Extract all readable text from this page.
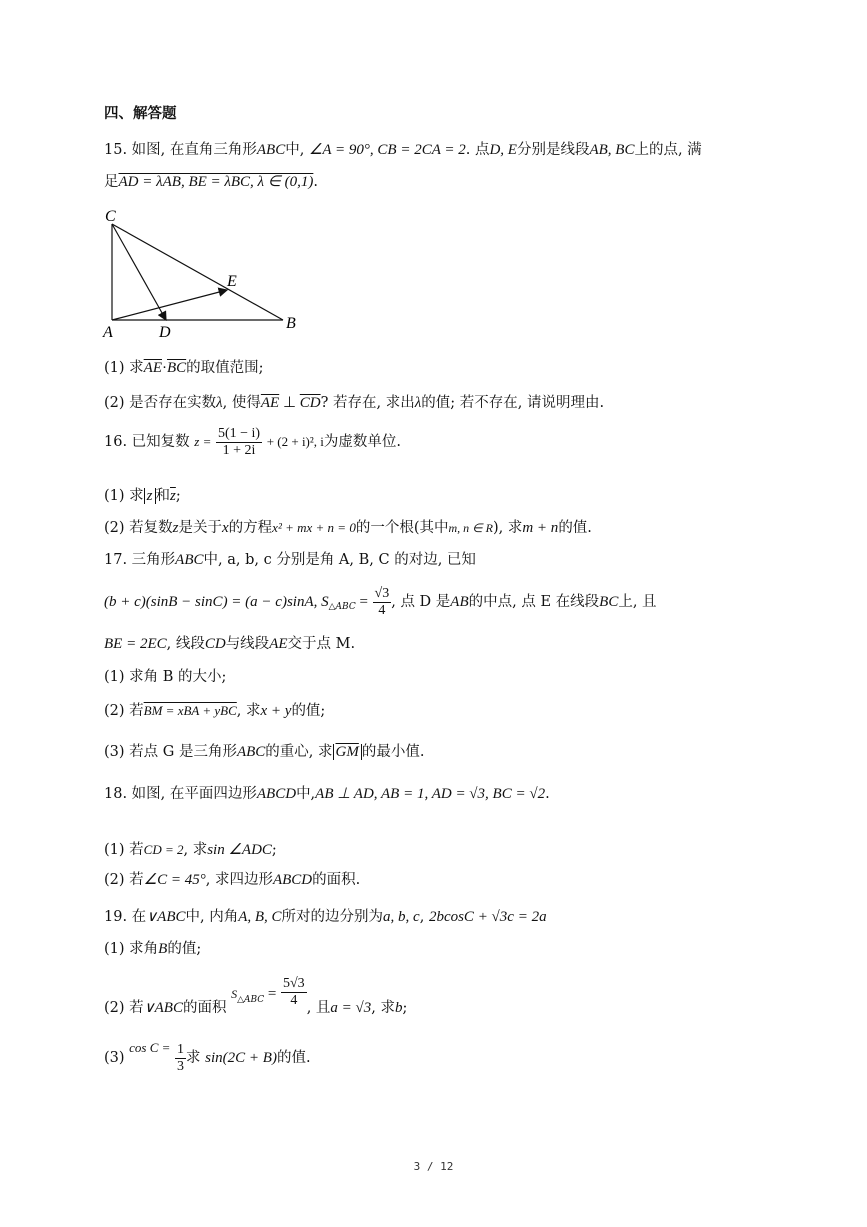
四、解答题
15. 如图, 在直角三角形ABC中, ∠A = 90°, CB = 2CA = 2. 点D, E分别是线段AB, BC上的点, 满
足AD = λAB, BE = λBC, λ ∈ (0,1).
C
E
A	D
B
(1) 求$\overline{AE}\cdot\overline{BC}$的取值范围;
(2) 是否存在实数λ, 使得$\overline{AE}$ ⊥ $\overline{CD}$? 若存在, 求出λ的值; 若不存在, 请说明理由.
16. 已知复数 $z = \frac{5(1 - i)}{1 + 2i} + (2 + i)^2$, i为虚数单位.
(1) 求 z 和$\overline{z}$;
(2) 若复数z是关于x的方程x² + mx + n = 0的一个根(其中m, n ∈ R), 求m + n的值.
17. 三角形ABC中, a, b, c 分别是角 A, B, C 的对边, 已知
(b + c)(sinB − sinC) = (a − c)sinA, $S_{\triangle ABC} = \frac{√3}{4}$ , 点 D 是AB的中点, 点 E 在线段BC上, 且
BE = 2EC, 线段CD与线段AE交于点 M.
(1) 求角 B 的大小;
(2) 若BM = xBA + yBC, 求x + y的值;
(3) 若点 G 是三角形ABC的重心, 求 $\overline{GM}$ 的最小值.
18. 如图, 在平面四边形ABCD中,AB ⊥ AD, AB = 1, AD = √3, BC = √2.
(1) 若CD = 2, 求sin ∠ADC;
(2) 若∠C = 45°, 求四边形ABCD的面积.
19. 在∨ABC中, 内角A, B, C所对的边分别为a, b, c, 2bcosC + √3c = 2a
(1) 求角B的值;
(2) 若∨ABC的面积 $^{S\triangle ABC} = \frac{5√3}{4}$ , 且a = √3, 求b;
(3) $\cos C = \frac{1}{3}$ 求 sin(2C + B)的值.
3 / 12
